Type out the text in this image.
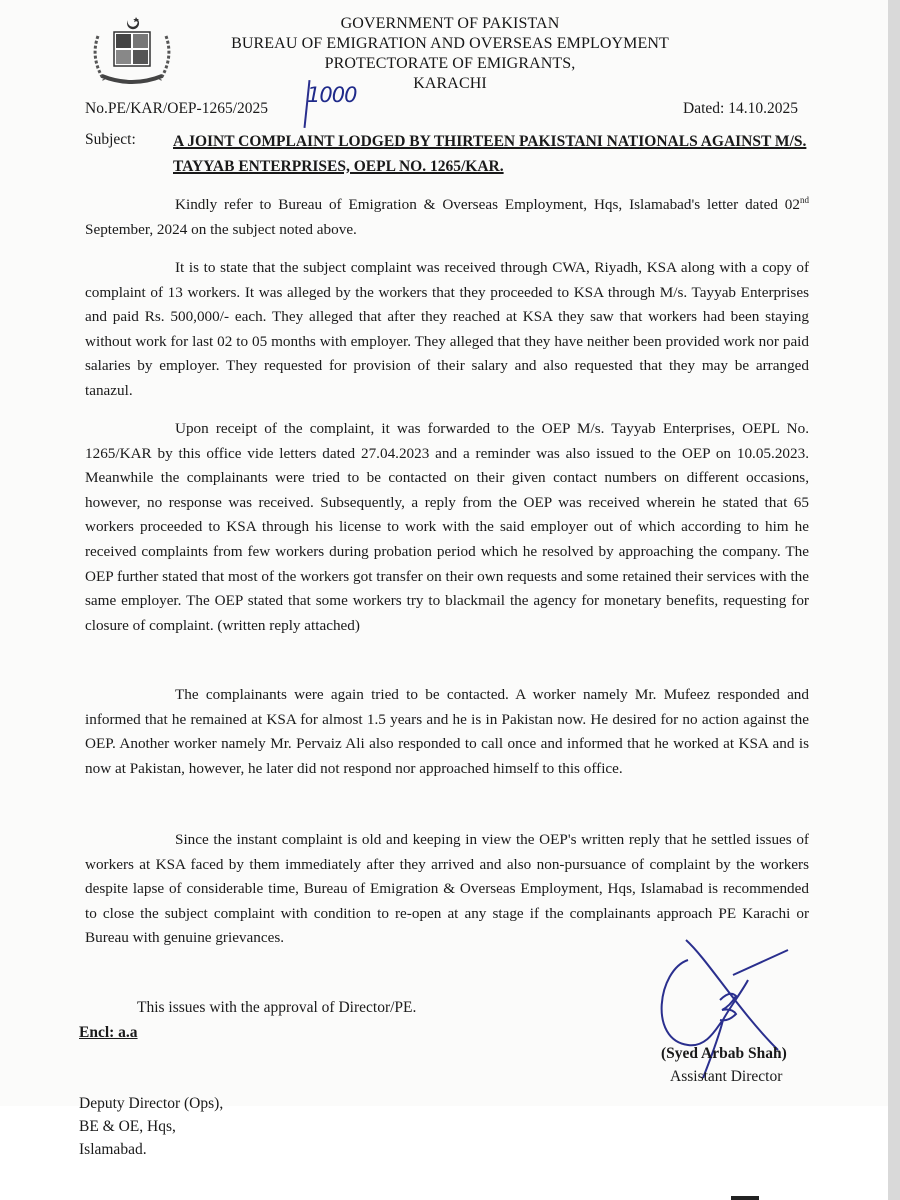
GOVERNMENT OF PAKISTAN
BUREAU OF EMIGRATION AND OVERSEAS EMPLOYMENT
PROTECTORATE OF EMIGRANTS,
KARACHI
No.PE/KAR/OEP-1265/2025
1000
Dated: 14.10.2025
Subject: A JOINT COMPLAINT LODGED BY THIRTEEN PAKISTANI NATIONALS AGAINST M/S. TAYYAB ENTERPRISES, OEPL NO. 1265/KAR.
Kindly refer to Bureau of Emigration & Overseas Employment, Hqs, Islamabad's letter dated 02nd September, 2024 on the subject noted above.
It is to state that the subject complaint was received through CWA, Riyadh, KSA along with a copy of complaint of 13 workers. It was alleged by the workers that they proceeded to KSA through M/s. Tayyab Enterprises and paid Rs. 500,000/- each. They alleged that after they reached at KSA they saw that workers had been staying without work for last 02 to 05 months with employer. They alleged that they have neither been provided work nor paid salaries by employer. They requested for provision of their salary and also requested that they may be arranged tanazul.
Upon receipt of the complaint, it was forwarded to the OEP M/s. Tayyab Enterprises, OEPL No. 1265/KAR by this office vide letters dated 27.04.2023 and a reminder was also issued to the OEP on 10.05.2023. Meanwhile the complainants were tried to be contacted on their given contact numbers on different occasions, however, no response was received. Subsequently, a reply from the OEP was received wherein he stated that 65 workers proceeded to KSA through his license to work with the said employer out of which according to him he received complaints from few workers during probation period which he resolved by approaching the company. The OEP further stated that most of the workers got transfer on their own requests and some retained their services with the same employer. The OEP stated that some workers try to blackmail the agency for monetary benefits, requesting for closure of complaint. (written reply attached)
The complainants were again tried to be contacted. A worker namely Mr. Mufeez responded and informed that he remained at KSA for almost 1.5 years and he is in Pakistan now. He desired for no action against the OEP. Another worker namely Mr. Pervaiz Ali also responded to call once and informed that he worked at KSA and is now at Pakistan, however, he later did not respond nor approached himself to this office.
Since the instant complaint is old and keeping in view the OEP's written reply that he settled issues of workers at KSA faced by them immediately after they arrived and also non-pursuance of complaint by the workers despite lapse of considerable time, Bureau of Emigration & Overseas Employment, Hqs, Islamabad is recommended to close the subject complaint with condition to re-open at any stage if the complainants approach PE Karachi or Bureau with genuine grievances.
This issues with the approval of Director/PE.
Encl: a.a
(Syed Arbab Shah)
Assistant Director
Deputy Director (Ops),
BE & OE, Hqs,
Islamabad.
